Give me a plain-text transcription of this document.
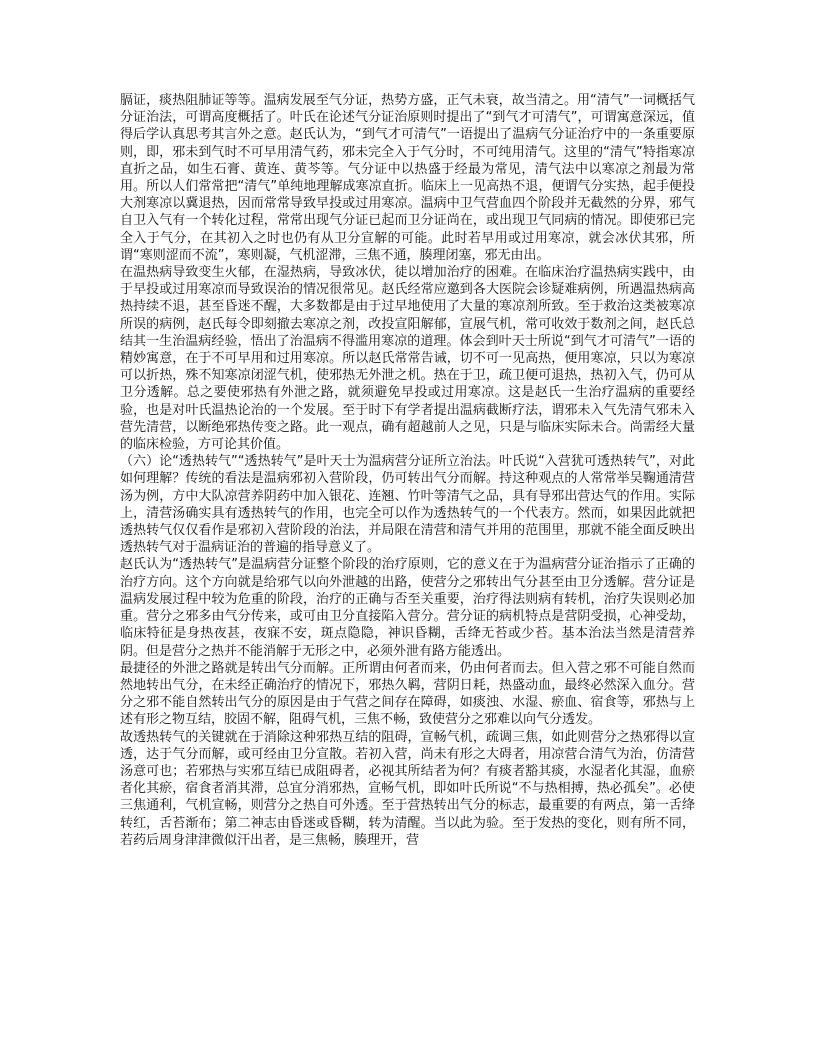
膈证，痰热阻肺证等等。温病发展至气分证，热势方盛，正气未衰，故当清之。用“清气”一词概括气分证治法，可谓高度概括了。叶氏在论述气分证治原则时提出了“到气才可清气”，可谓寓意深远，值得后学认真思考其言外之意。赵氏认为，“到气才可清气”一语提出了温病气分证治疗中的一条重要原则，即，邪未到气时不可早用清气药，邪未完全入于气分时，不可纯用清气。这里的“清气”特指寒凉直折之品，如生石膏、黄连、黄芩等。气分证中以热盛于经最为常见，清气法中以寒凉之剂最为常用。所以人们常常把“清气”单纯地理解成寒凉直折。临床上一见高热不退，便谓气分实热，起手便投大剂寒凉以冀退热，因而常常导致早投或过用寒凉。温病中卫气营血四个阶段并无截然的分界，邪气自卫入气有一个转化过程，常常出现气分证已起而卫分证尚在，或出现卫气同病的情况。即使邪已完全入于气分，在其初入之时也仍有从卫分宣解的可能。此时若早用或过用寒凉，就会冰伏其邪，所谓“寒则涩而不流”，寒则凝，气机涩滞，三焦不通，腠理闭塞，邪无由出。

在温热病导致变生火郁，在湿热病，导致冰伏，徒以增加治疗的困难。在临床治疗温热病实践中，由于早投或过用寒凉而导致误治的情况很常见。赵氏经常应邀到各大医院会诊疑难病例，所遇温热病高热持续不退，甚至昏迷不醒，大多数都是由于过早地使用了大量的寒凉剂所致。至于救治这类被寒凉所误的病例，赵氏每令即刻撤去寒凉之剂，改投宣阳解郁，宣展气机，常可收效于数剂之间，赵氏总结其一生治温病经验，悟出了治温病不得滥用寒凉的道理。体会到叶天士所说“到气才可清气”一语的精妙寓意，在于不可早用和过用寒凉。所以赵氏常常告诫，切不可一见高热，便用寒凉，只以为寒凉可以折热，殊不知寒凉闭涩气机，使邪热无外泄之机。热在于卫，疏卫便可退热，热初入气，仍可从卫分透解。总之要使邪热有外泄之路，就须避免早投或过用寒凉。这是赵氏一生治疗温病的重要经验，也是对叶氏温热论治的一个发展。至于时下有学者提出温病截断疗法，谓邪未入气先清气邪未入营先清营，以断绝邪热传变之路。此一观点，确有超越前人之见，只是与临床实际未合。尚需经大量的临床检验，方可论其价值。

（六）论“透热转气”“透热转气”是叶天士为温病营分证所立治法。叶氏说“入营犹可透热转气”，对此如何理解？传统的看法是温病邪初入营阶段，仍可转出气分而解。持这种观点的人常常举吴鞠通清营汤为例，方中大队凉营养阴药中加入银花、连翘、竹叶等清气之品，具有导邪出营达气的作用。实际上，清营汤确实具有透热转气的作用，也完全可以作为透热转气的一个代表方。然而，如果因此就把透热转气仅仅看作是邪初入营阶段的治法，并局限在清营和清气并用的范围里，那就不能全面反映出透热转气对于温病证治的普遍的指导意义了。

赵氏认为“透热转气”是温病营分证整个阶段的治疗原则，它的意义在于为温病营分证治指示了正确的治疗方向。这个方向就是给邪气以向外泄越的出路，使营分之邪转出气分甚至由卫分透解。营分证是温病发展过程中较为危重的阶段，治疗的正确与否至关重要，治疗得法则病有转机，治疗失误则必加重。营分之邪多由气分传来，或可由卫分直接陷入营分。营分证的病机特点是营阴受损，心神受劫，临床特征是身热夜甚，夜寐不安，斑点隐隐，神识昏糊，舌绛无苔或少苔。基本治法当然是清营养阴。但是营分之热并不能消解于无形之中，必须外泄有路方能透出。

最捷径的外泄之路就是转出气分而解。正所谓由何者而来，仍由何者而去。但入营之邪不可能自然而然地转出气分，在未经正确治疗的情况下，邪热久羁，营阴日耗，热盛动血，最终必然深入血分。营分之邪不能自然转出气分的原因是由于气营之间存在障碍，如痰浊、水湿、瘀血、宿食等，邪热与上述有形之物互结，胶固不解，阻碍气机，三焦不畅，致使营分之邪难以向气分透发。

故透热转气的关键就在于消除这种邪热互结的阻碍，宣畅气机，疏调三焦，如此则营分之热邪得以宣透，达于气分而解，或可经由卫分宣散。若初入营，尚未有形之大碍者，用凉营合清气为治，仿清营汤意可也；若邪热与实邪互结已成阻碍者，必视其所结者为何？有痰者豁其痰，水湿者化其湿，血瘀者化其瘀，宿食者消其滞，总宜分消邪热，宣畅气机，即如叶氏所说“不与热相搏，热必孤矣”。必使三焦通利，气机宣畅，则营分之热自可外透。至于营热转出气分的标志，最重要的有两点，第一舌绛转红，舌苔渐布；第二神志由昏迷或昏糊，转为清醒。当以此为验。至于发热的变化，则有所不同，若药后周身津津微似汗出者，是三焦畅，腠理开，营
